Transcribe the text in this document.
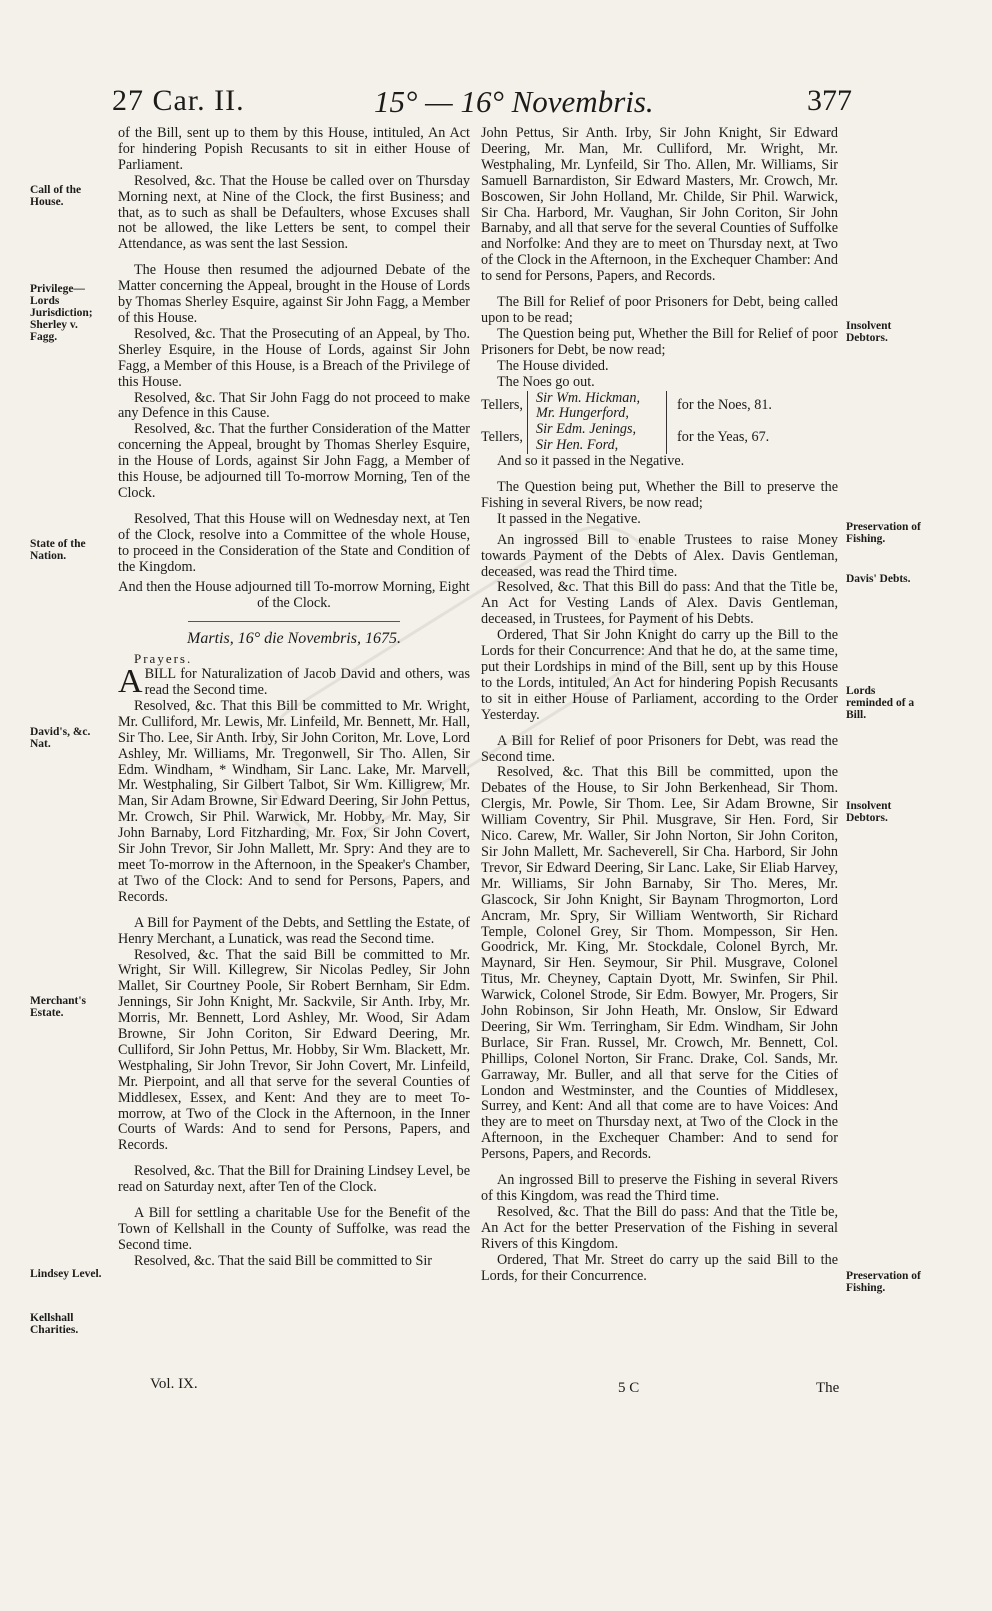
27 Car. II.	15° — 16° Novembris.	377
Call of the House.
Privilege— Lords Jurisdiction; Sherley v. Fagg.
State of the Nation.
David's, &c. Nat.
Merchant's Estate.
Lindsey Level.
Kellshall Charities.
Insolvent Debtors.
Preservation of Fishing.
Davis' Debts.
Lords reminded of a Bill.
Insolvent Debtors.
Preservation of Fishing.

of the Bill, sent up to them by this House, intituled, An Act for hindering Popish Recusants to sit in either House of Parliament.

Resolved, &c. That the House be called over on Thursday Morning next, at Nine of the Clock, the first Business; and that, as to such as shall be Defaulters, whose Excuses shall not be allowed, the like Letters be sent, to compel their Attendance, as was sent the last Session.

The House then resumed the adjourned Debate of the Matter concerning the Appeal, brought in the House of Lords by Thomas Sherley Esquire, against Sir John Fagg, a Member of this House.

Resolved, &c. That the Prosecuting of an Appeal, by Tho. Sherley Esquire, in the House of Lords, against Sir John Fagg, a Member of this House, is a Breach of the Privilege of this House.

Resolved, &c. That Sir John Fagg do not proceed to make any Defence in this Cause.

Resolved, &c. That the further Consideration of the Matter concerning the Appeal, brought by Thomas Sherley Esquire, in the House of Lords, against Sir John Fagg, a Member of this House, be adjourned till To-morrow Morning, Ten of the Clock.

Resolved, That this House will on Wednesday next, at Ten of the Clock, resolve into a Committee of the whole House, to proceed in the Consideration of the State and Condition of the Kingdom.

And then the House adjourned till To-morrow Morning, Eight of the Clock.

Martis, 16° die Novembris, 1675.

Prayers.

ABILL for Naturalization of Jacob David and others, was read the Second time.

Resolved, &c. That this Bill be committed to Mr. Wright, Mr. Culliford, Mr. Lewis, Mr. Linfeild, Mr. Bennett, Mr. Hall, Sir Tho. Lee, Sir Anth. Irby, Sir John Coriton, Mr. Love, Lord Ashley, Mr. Williams, Mr. Tregonwell, Sir Tho. Allen, Sir Edm. Windham, * Windham, Sir Lanc. Lake, Mr. Marvell, Mr. Westphaling, Sir Gilbert Talbot, Sir Wm. Killigrew, Mr. Man, Sir Adam Browne, Sir Edward Deering, Sir John Pettus, Mr. Crowch, Sir Phil. Warwick, Mr. Hobby, Mr. May, Sir John Barnaby, Lord Fitzharding, Mr. Fox, Sir John Covert, Sir John Trevor, Sir John Mallett, Mr. Spry: And they are to meet To-morrow in the Afternoon, in the Speaker's Chamber, at Two of the Clock: And to send for Persons, Papers, and Records.

A Bill for Payment of the Debts, and Settling the Estate, of Henry Merchant, a Lunatick, was read the Second time.

Resolved, &c. That the said Bill be committed to Mr. Wright, Sir Will. Killegrew, Sir Nicolas Pedley, Sir John Mallet, Sir Courtney Poole, Sir Robert Bernham, Sir Edm. Jennings, Sir John Knight, Mr. Sackvile, Sir Anth. Irby, Mr. Morris, Mr. Bennett, Lord Ashley, Mr. Wood, Sir Adam Browne, Sir John Coriton, Sir Edward Deering, Mr. Culliford, Sir John Pettus, Mr. Hobby, Sir Wm. Blackett, Mr. Westphaling, Sir John Trevor, Sir John Covert, Mr. Linfeild, Mr. Pierpoint, and all that serve for the several Counties of Middlesex, Essex, and Kent: And they are to meet To-morrow, at Two of the Clock in the Afternoon, in the Inner Courts of Wards: And to send for Persons, Papers, and Records.

Resolved, &c. That the Bill for Draining Lindsey Level, be read on Saturday next, after Ten of the Clock.

A Bill for settling a charitable Use for the Benefit of the Town of Kellshall in the County of Suffolke, was read the Second time.

Resolved, &c. That the said Bill be committed to Sir

John Pettus, Sir Anth. Irby, Sir John Knight, Sir Edward Deering, Mr. Man, Mr. Culliford, Mr. Wright, Mr. Westphaling, Mr. Lynfeild, Sir Tho. Allen, Mr. Williams, Sir Samuell Barnardiston, Sir Edward Masters, Mr. Crowch, Mr. Boscowen, Sir John Holland, Mr. Childe, Sir Phil. Warwick, Sir Cha. Harbord, Mr. Vaughan, Sir John Coriton, Sir John Barnaby, and all that serve for the several Counties of Suffolke and Norfolke: And they are to meet on Thursday next, at Two of the Clock in the Afternoon, in the Exchequer Chamber: And to send for Persons, Papers, and Records.

The Bill for Relief of poor Prisoners for Debt, being called upon to be read;

The Question being put, Whether the Bill for Relief of poor Prisoners for Debt, be now read;

The House divided.

The Noes go out.

Tellers, Sir Wm. Hickman,
Mr. Hungerford,	for the Noes, 81.
Tellers, Sir Edm. Jenings,
Sir Hen. Ford,	for the Yeas, 67.

And so it passed in the Negative.

The Question being put, Whether the Bill to preserve the Fishing in several Rivers, be now read;

It passed in the Negative.

An ingrossed Bill to enable Trustees to raise Money towards Payment of the Debts of Alex. Davis Gentleman, deceased, was read the Third time.

Resolved, &c. That this Bill do pass: And that the Title be, An Act for Vesting Lands of Alex. Davis Gentleman, deceased, in Trustees, for Payment of his Debts.

Ordered, That Sir John Knight do carry up the Bill to the Lords for their Concurrence: And that he do, at the same time, put their Lordships in mind of the Bill, sent up by this House to the Lords, intituled, An Act for hindering Popish Recusants to sit in either House of Parliament, according to the Order Yesterday.

A Bill for Relief of poor Prisoners for Debt, was read the Second time.

Resolved, &c. That this Bill be committed, upon the Debates of the House, to Sir John Berkenhead, Sir Thom. Clergis, Mr. Powle, Sir Thom. Lee, Sir Adam Browne, Sir William Coventry, Sir Phil. Musgrave, Sir Hen. Ford, Sir Nico. Carew, Mr. Waller, Sir John Norton, Sir John Coriton, Sir John Mallett, Mr. Sacheverell, Sir Cha. Harbord, Sir John Trevor, Sir Edward Deering, Sir Lanc. Lake, Sir Eliab Harvey, Mr. Williams, Sir John Barnaby, Sir Tho. Meres, Mr. Glascock, Sir John Knight, Sir Baynam Throgmorton, Lord Ancram, Mr. Spry, Sir William Wentworth, Sir Richard Temple, Colonel Grey, Sir Thom. Mompesson, Sir Hen. Goodrick, Mr. King, Mr. Stockdale, Colonel Byrch, Mr. Maynard, Sir Hen. Seymour, Sir Phil. Musgrave, Colonel Titus, Mr. Cheyney, Captain Dyott, Mr. Swinfen, Sir Phil. Warwick, Colonel Strode, Sir Edm. Bowyer, Mr. Progers, Sir John Robinson, Sir John Heath, Mr. Onslow, Sir Edward Deering, Sir Wm. Terringham, Sir Edm. Windham, Sir John Burlace, Sir Fran. Russel, Mr. Crowch, Mr. Bennett, Col. Phillips, Colonel Norton, Sir Franc. Drake, Col. Sands, Mr. Garraway, Mr. Buller, and all that serve for the Cities of London and Westminster, and the Counties of Middlesex, Surrey, and Kent: And all that come are to have Voices: And they are to meet on Thursday next, at Two of the Clock in the Afternoon, in the Exchequer Chamber: And to send for Persons, Papers, and Records.

An ingrossed Bill to preserve the Fishing in several Rivers of this Kingdom, was read the Third time.

Resolved, &c. That the Bill do pass: And that the Title be, An Act for the better Preservation of the Fishing in several Rivers of this Kingdom.

Ordered, That Mr. Street do carry up the said Bill to the Lords, for their Concurrence.

Vol. IX.	5 C	The
